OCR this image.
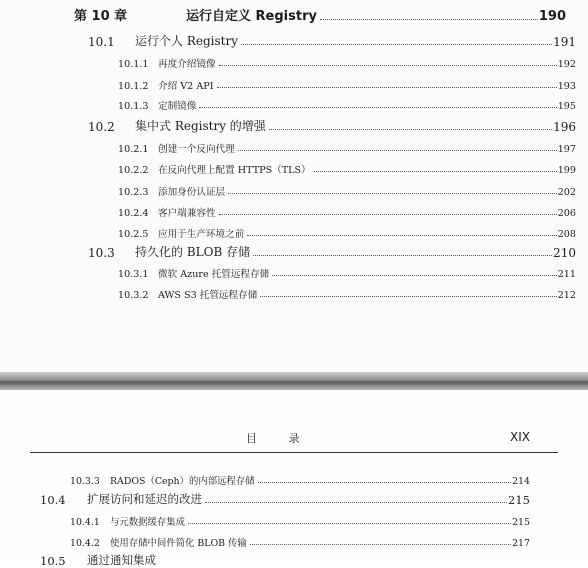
第 10 章	运行自定义 Registry	190
10.1	运行个人 Registry	191
10.1.1 再度介绍镜像	192
10.1.2 介绍 V2 API	193
10.1.3 定制镜像	195
10.2	集中式 Registry 的增强	196
10.2.1 创建一个反向代理	197
10.2.2 在反向代理上配置 HTTPS（TLS）	199
10.2.3 添加身份认证层	202
10.2.4 客户端兼容性	206
10.2.5 应用于生产环境之前	208
10.3	持久化的 BLOB 存储	210
10.3.1 微软 Azure 托管远程存储	211
10.3.2 AWS S3 托管远程存储	212
目 录	XIX
10.3.3	RADOS（Ceph）的内部远程存储	214
10.4	扩展访问和延迟的改进	215
10.4.1	与元数据缓存集成	215
10.4.2	使用存储中间件简化 BLOB 传输	217
10.5	通过通知集成
